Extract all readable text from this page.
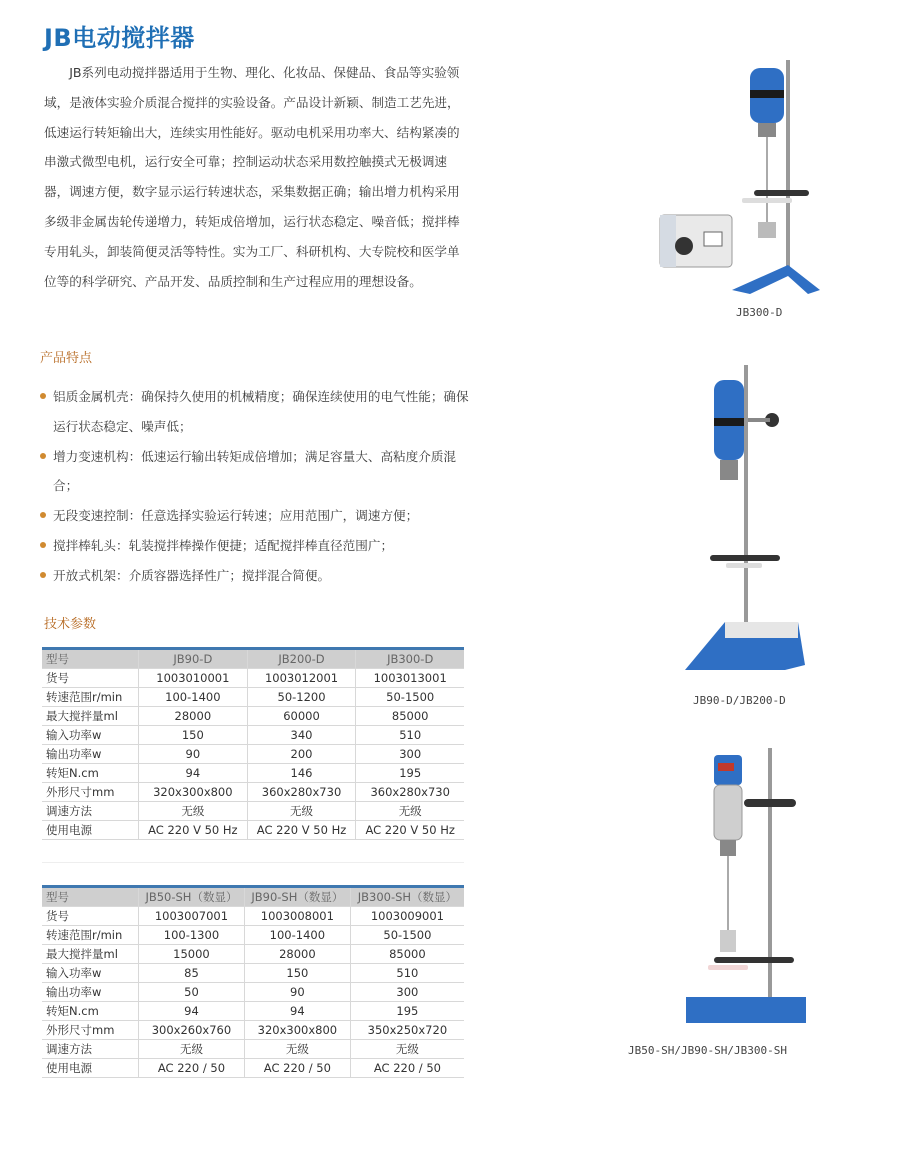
JB电动搅拌器
JB系列电动搅拌器适用于生物、理化、化妆品、保健品、食品等实验领域，是液体实验介质混合搅拌的实验设备。产品设计新颖、制造工艺先进，低速运行转矩输出大，连续实用性能好。驱动电机采用功率大、结构紧凑的串激式微型电机，运行安全可靠；控制运动状态采用数控触摸式无极调速器，调速方便，数字显示运行转速状态，采集数据正确；输出增力机构采用多级非金属齿轮传递增力，转矩成倍增加，运行状态稳定、噪音低；搅拌棒专用轧头，卸装简便灵活等特性。实为工厂、科研机构、大专院校和医学单位等的科学研究、产品开发、品质控制和生产过程应用的理想设备。
产品特点
铝质金属机壳：确保持久使用的机械精度；确保连续使用的电气性能；确保运行状态稳定、噪声低；
增力变速机构：低速运行输出转矩成倍增加；满足容量大、高粘度介质混合；
无段变速控制：任意选择实验运行转速；应用范围广，调速方便；
搅拌棒轧头：轧装搅拌棒操作便捷；适配搅拌棒直径范围广；
开放式机架：介质容器选择性广；搅拌混合简便。
技术参数
型号	JB90-D	JB200-D	JB300-D
货号	1003010001	1003012001	1003013001
转速范围r/min	100-1400	50-1200	50-1500
最大搅拌量ml	28000	60000	85000
输入功率w	150	340	510
输出功率w	90	200	300
转矩N.cm	94	146	195
外形尺寸mm	320x300x800	360x280x730	360x280x730
调速方法	无级	无级	无级
使用电源	AC 220 V 50 Hz	AC 220 V 50 Hz	AC 220 V 50 Hz
型号	JB50-SH（数显）	JB90-SH（数显）	JB300-SH（数显）
货号	1003007001	1003008001	1003009001
转速范围r/min	100-1300	100-1400	50-1500
最大搅拌量ml	15000	28000	85000
输入功率w	85	150	510
输出功率w	50	90	300
转矩N.cm	94	94	195
外形尺寸mm	300x260x760	320x300x800	350x250x720
调速方法	无级	无级	无级
使用电源	AC 220 / 50	AC 220 / 50	AC 220 / 50
JB300-D
JB90-D/JB200-D
JB50-SH/JB90-SH/JB300-SH
